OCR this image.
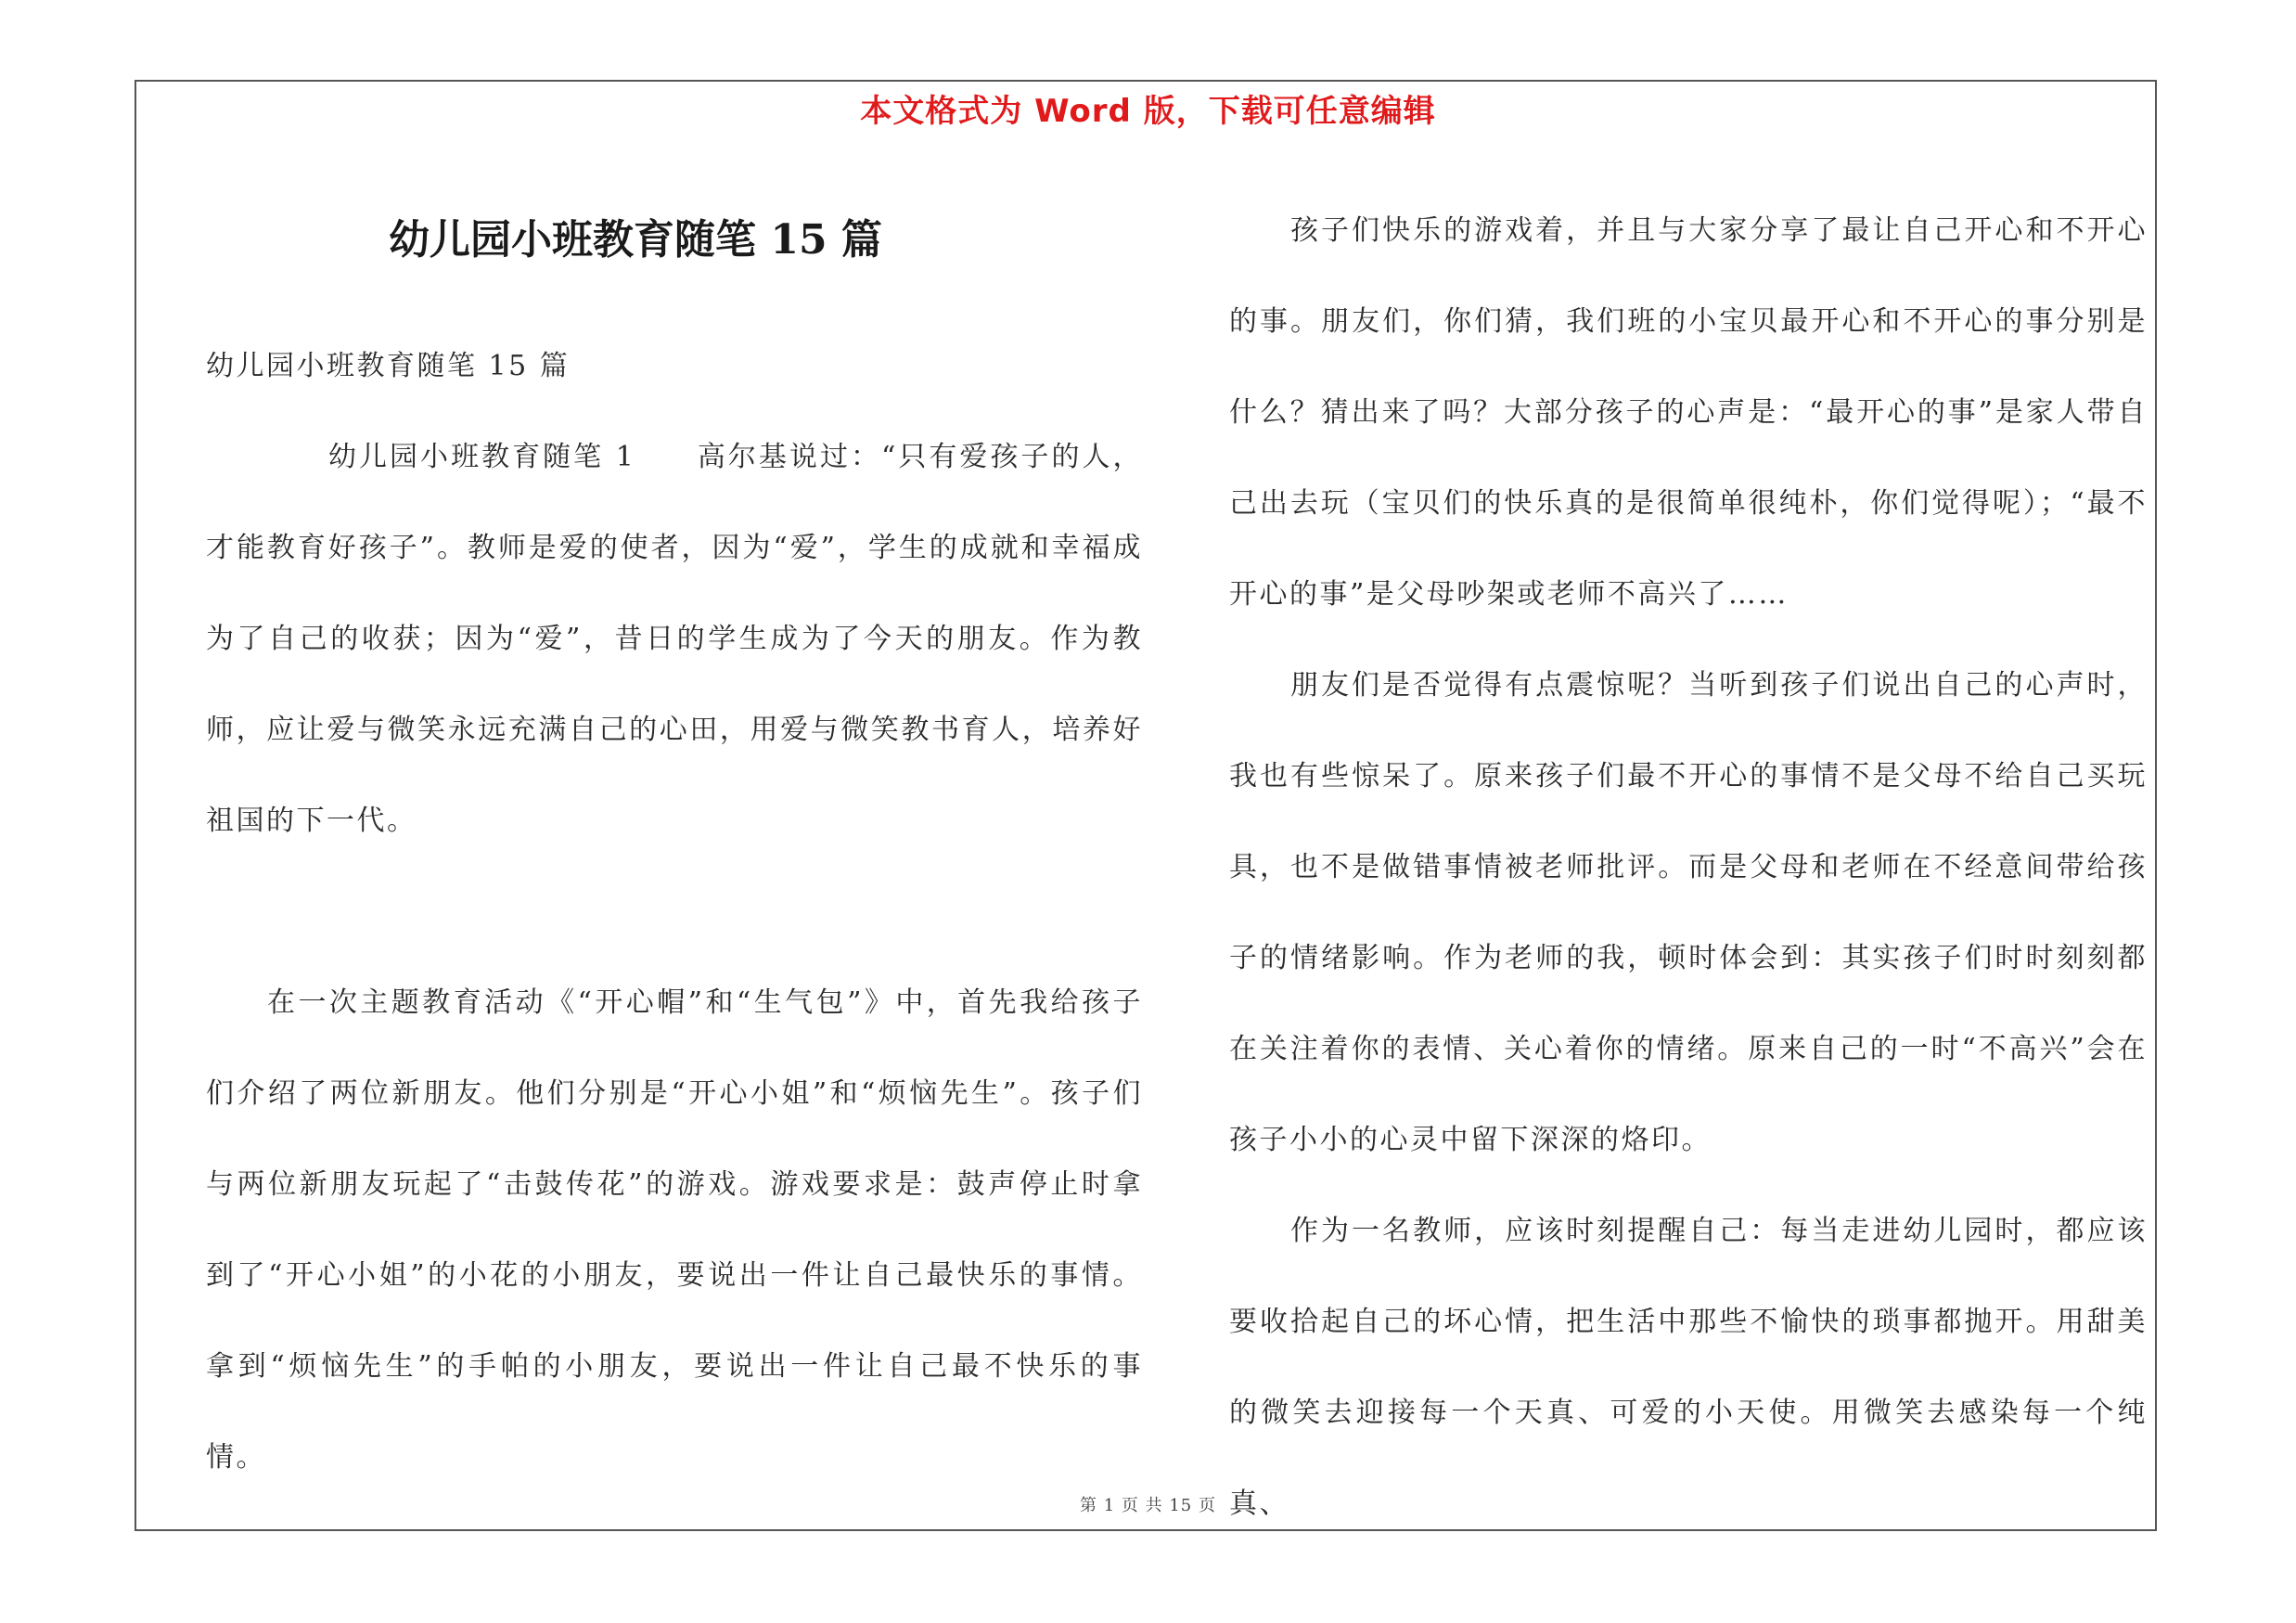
本文格式为 Word 版，下载可任意编辑
幼儿园小班教育随笔 15 篇

幼儿园小班教育随笔 15 篇

幼儿园小班教育随笔 1　　高尔基说过：“只有爱孩子的人，才能教育好孩子”。教师是爱的使者，因为“爱”，学生的成就和幸福成为了自己的收获；因为“爱”，昔日的学生成为了今天的朋友。作为教师，应让爱与微笑永远充满自己的心田，用爱与微笑教书育人，培养好祖国的下一代。

在一次主题教育活动《“开心帽”和“生气包”》中，首先我给孩子们介绍了两位新朋友。他们分别是“开心小姐”和“烦恼先生”。孩子们与两位新朋友玩起了“击鼓传花”的游戏。游戏要求是：鼓声停止时拿到了“开心小姐”的小花的小朋友，要说出一件让自己最快乐的事情。拿到“烦恼先生”的手帕的小朋友，要说出一件让自己最不快乐的事情。

孩子们快乐的游戏着，并且与大家分享了最让自己开心和不开心的事。朋友们，你们猜，我们班的小宝贝最开心和不开心的事分别是什么？猜出来了吗？大部分孩子的心声是：“最开心的事”是家人带自己出去玩（宝贝们的快乐真的是很简单很纯朴，你们觉得呢）；“最不开心的事”是父母吵架或老师不高兴了……

朋友们是否觉得有点震惊呢？当听到孩子们说出自己的心声时，我也有些惊呆了。原来孩子们最不开心的事情不是父母不给自己买玩具，也不是做错事情被老师批评。而是父母和老师在不经意间带给孩子的情绪影响。作为老师的我，顿时体会到：其实孩子们时时刻刻都在关注着你的表情、关心着你的情绪。原来自己的一时“不高兴”会在孩子小小的心灵中留下深深的烙印。

作为一名教师，应该时刻提醒自己：每当走进幼儿园时，都应该要收拾起自己的坏心情，把生活中那些不愉快的琐事都抛开。用甜美的微笑去迎接每一个天真、可爱的小天使。用微笑去感染每一个纯真、

第 1 页 共 15 页
